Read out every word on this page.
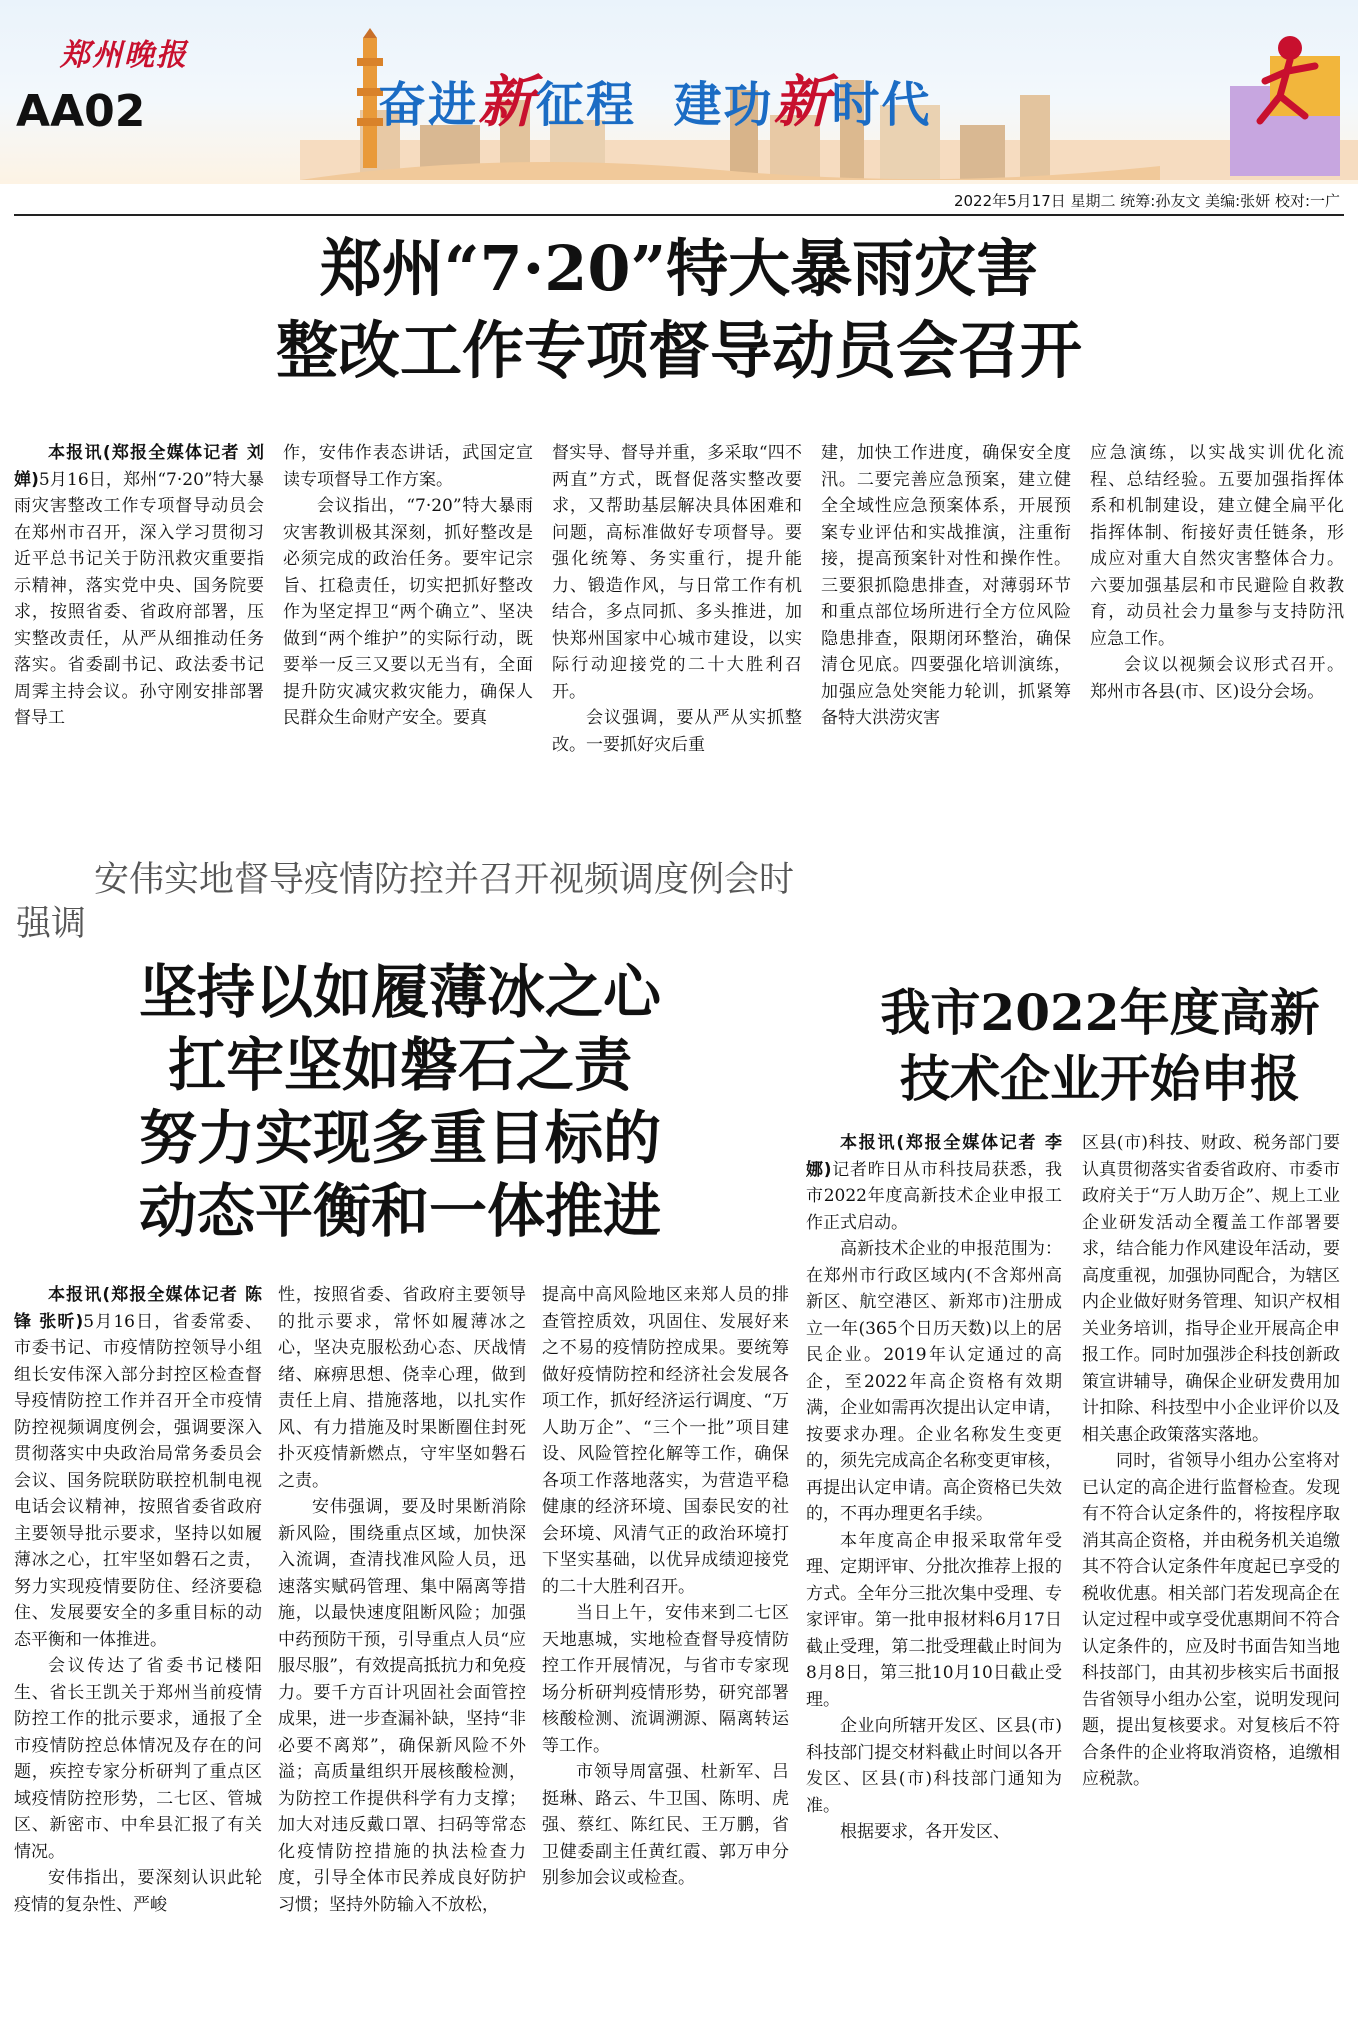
郑州晚报
AA02	奋进新征程  建功新时代
2022年5月17日 星期二 统筹:孙友文 美编:张妍 校对:一广
郑州“7·20”特大暴雨灾害
整改工作专项督导动员会召开

本报讯(郑报全媒体记者 刘婵)5月16日，郑州“7·20”特大暴雨灾害整改工作专项督导动员会在郑州市召开，深入学习贯彻习近平总书记关于防汛救灾重要指示精神，落实党中央、国务院要求，按照省委、省政府部署，压实整改责任，从严从细推动任务落实。省委副书记、政法委书记周霁主持会议。孙守刚安排部署督导工

作，安伟作表态讲话，武国定宣读专项督导工作方案。

会议指出，“7·20”特大暴雨灾害教训极其深刻，抓好整改是必须完成的政治任务。要牢记宗旨、扛稳责任，切实把抓好整改作为坚定捍卫“两个确立”、坚决做到“两个维护”的实际行动，既要举一反三又要以无当有，全面提升防灾减灾救灾能力，确保人民群众生命财产安全。要真

督实导、督导并重，多采取“四不两直”方式，既督促落实整改要求，又帮助基层解决具体困难和问题，高标准做好专项督导。要强化统筹、务实重行，提升能力、锻造作风，与日常工作有机结合，多点同抓、多头推进，加快郑州国家中心城市建设，以实际行动迎接党的二十大胜利召开。

会议强调，要从严从实抓整改。一要抓好灾后重

建，加快工作进度，确保安全度汛。二要完善应急预案，建立健全全域性应急预案体系，开展预案专业评估和实战推演，注重衔接，提高预案针对性和操作性。三要狠抓隐患排查，对薄弱环节和重点部位场所进行全方位风险隐患排查，限期闭环整治，确保清仓见底。四要强化培训演练，加强应急处突能力轮训，抓紧筹备特大洪涝灾害

应急演练，以实战实训优化流程、总结经验。五要加强指挥体系和机制建设，建立健全扁平化指挥体制、衔接好责任链条，形成应对重大自然灾害整体合力。六要加强基层和市民避险自救教育，动员社会力量参与支持防汛应急工作。

会议以视频会议形式召开。郑州市各县(市、区)设分会场。

安伟实地督导疫情防控并召开视频调度例会时强调
坚持以如履薄冰之心
扛牢坚如磐石之责
努力实现多重目标的
动态平衡和一体推进

本报讯(郑报全媒体记者 陈锋 张昕)5月16日，省委常委、市委书记、市疫情防控领导小组组长安伟深入部分封控区检查督导疫情防控工作并召开全市疫情防控视频调度例会，强调要深入贯彻落实中央政治局常务委员会会议、国务院联防联控机制电视电话会议精神，按照省委省政府主要领导批示要求，坚持以如履薄冰之心，扛牢坚如磐石之责，努力实现疫情要防住、经济要稳住、发展要安全的多重目标的动态平衡和一体推进。

会议传达了省委书记楼阳生、省长王凯关于郑州当前疫情防控工作的批示要求，通报了全市疫情防控总体情况及存在的问题，疾控专家分析研判了重点区域疫情防控形势，二七区、管城区、新密市、中牟县汇报了有关情况。

安伟指出，要深刻认识此轮疫情的复杂性、严峻

性，按照省委、省政府主要领导的批示要求，常怀如履薄冰之心，坚决克服松劲心态、厌战情绪、麻痹思想、侥幸心理，做到责任上肩、措施落地，以扎实作风、有力措施及时果断圈住封死扑灭疫情新燃点，守牢坚如磐石之责。

安伟强调，要及时果断消除新风险，围绕重点区域，加快深入流调，查清找准风险人员，迅速落实赋码管理、集中隔离等措施，以最快速度阻断风险；加强中药预防干预，引导重点人员“应服尽服”，有效提高抵抗力和免疫力。要千方百计巩固社会面管控成果，进一步查漏补缺，坚持“非必要不离郑”，确保新风险不外溢；高质量组织开展核酸检测，为防控工作提供科学有力支撑；加大对违反戴口罩、扫码等常态化疫情防控措施的执法检查力度，引导全体市民养成良好防护习惯；坚持外防输入不放松，

提高中高风险地区来郑人员的排查管控质效，巩固住、发展好来之不易的疫情防控成果。要统筹做好疫情防控和经济社会发展各项工作，抓好经济运行调度、“万人助万企”、“三个一批”项目建设、风险管控化解等工作，确保各项工作落地落实，为营造平稳健康的经济环境、国泰民安的社会环境、风清气正的政治环境打下坚实基础，以优异成绩迎接党的二十大胜利召开。

当日上午，安伟来到二七区天地惠城，实地检查督导疫情防控工作开展情况，与省市专家现场分析研判疫情形势，研究部署核酸检测、流调溯源、隔离转运等工作。

市领导周富强、杜新军、吕挺琳、路云、牛卫国、陈明、虎强、蔡红、陈红民、王万鹏，省卫健委副主任黄红霞、郭万申分别参加会议或检查。

我市2022年度高新
技术企业开始申报

本报讯(郑报全媒体记者 李娜)记者昨日从市科技局获悉，我市2022年度高新技术企业申报工作正式启动。

高新技术企业的申报范围为：在郑州市行政区域内(不含郑州高新区、航空港区、新郑市)注册成立一年(365个日历天数)以上的居民企业。2019年认定通过的高企，至2022年高企资格有效期满，企业如需再次提出认定申请，按要求办理。企业名称发生变更的，须先完成高企名称变更审核，再提出认定申请。高企资格已失效的，不再办理更名手续。

本年度高企申报采取常年受理、定期评审、分批次推荐上报的方式。全年分三批次集中受理、专家评审。第一批申报材料6月17日截止受理，第二批受理截止时间为8月8日，第三批10月10日截止受理。

企业向所辖开发区、区县(市)科技部门提交材料截止时间以各开发区、区县(市)科技部门通知为准。

根据要求，各开发区、

区县(市)科技、财政、税务部门要认真贯彻落实省委省政府、市委市政府关于“万人助万企”、规上工业企业研发活动全覆盖工作部署要求，结合能力作风建设年活动，要高度重视，加强协同配合，为辖区内企业做好财务管理、知识产权相关业务培训，指导企业开展高企申报工作。同时加强涉企科技创新政策宣讲辅导，确保企业研发费用加计扣除、科技型中小企业评价以及相关惠企政策落实落地。

同时，省领导小组办公室将对已认定的高企进行监督检查。发现有不符合认定条件的，将按程序取消其高企资格，并由税务机关追缴其不符合认定条件年度起已享受的税收优惠。相关部门若发现高企在认定过程中或享受优惠期间不符合认定条件的，应及时书面告知当地科技部门，由其初步核实后书面报告省领导小组办公室，说明发现问题，提出复核要求。对复核后不符合条件的企业将取消资格，追缴相应税款。
